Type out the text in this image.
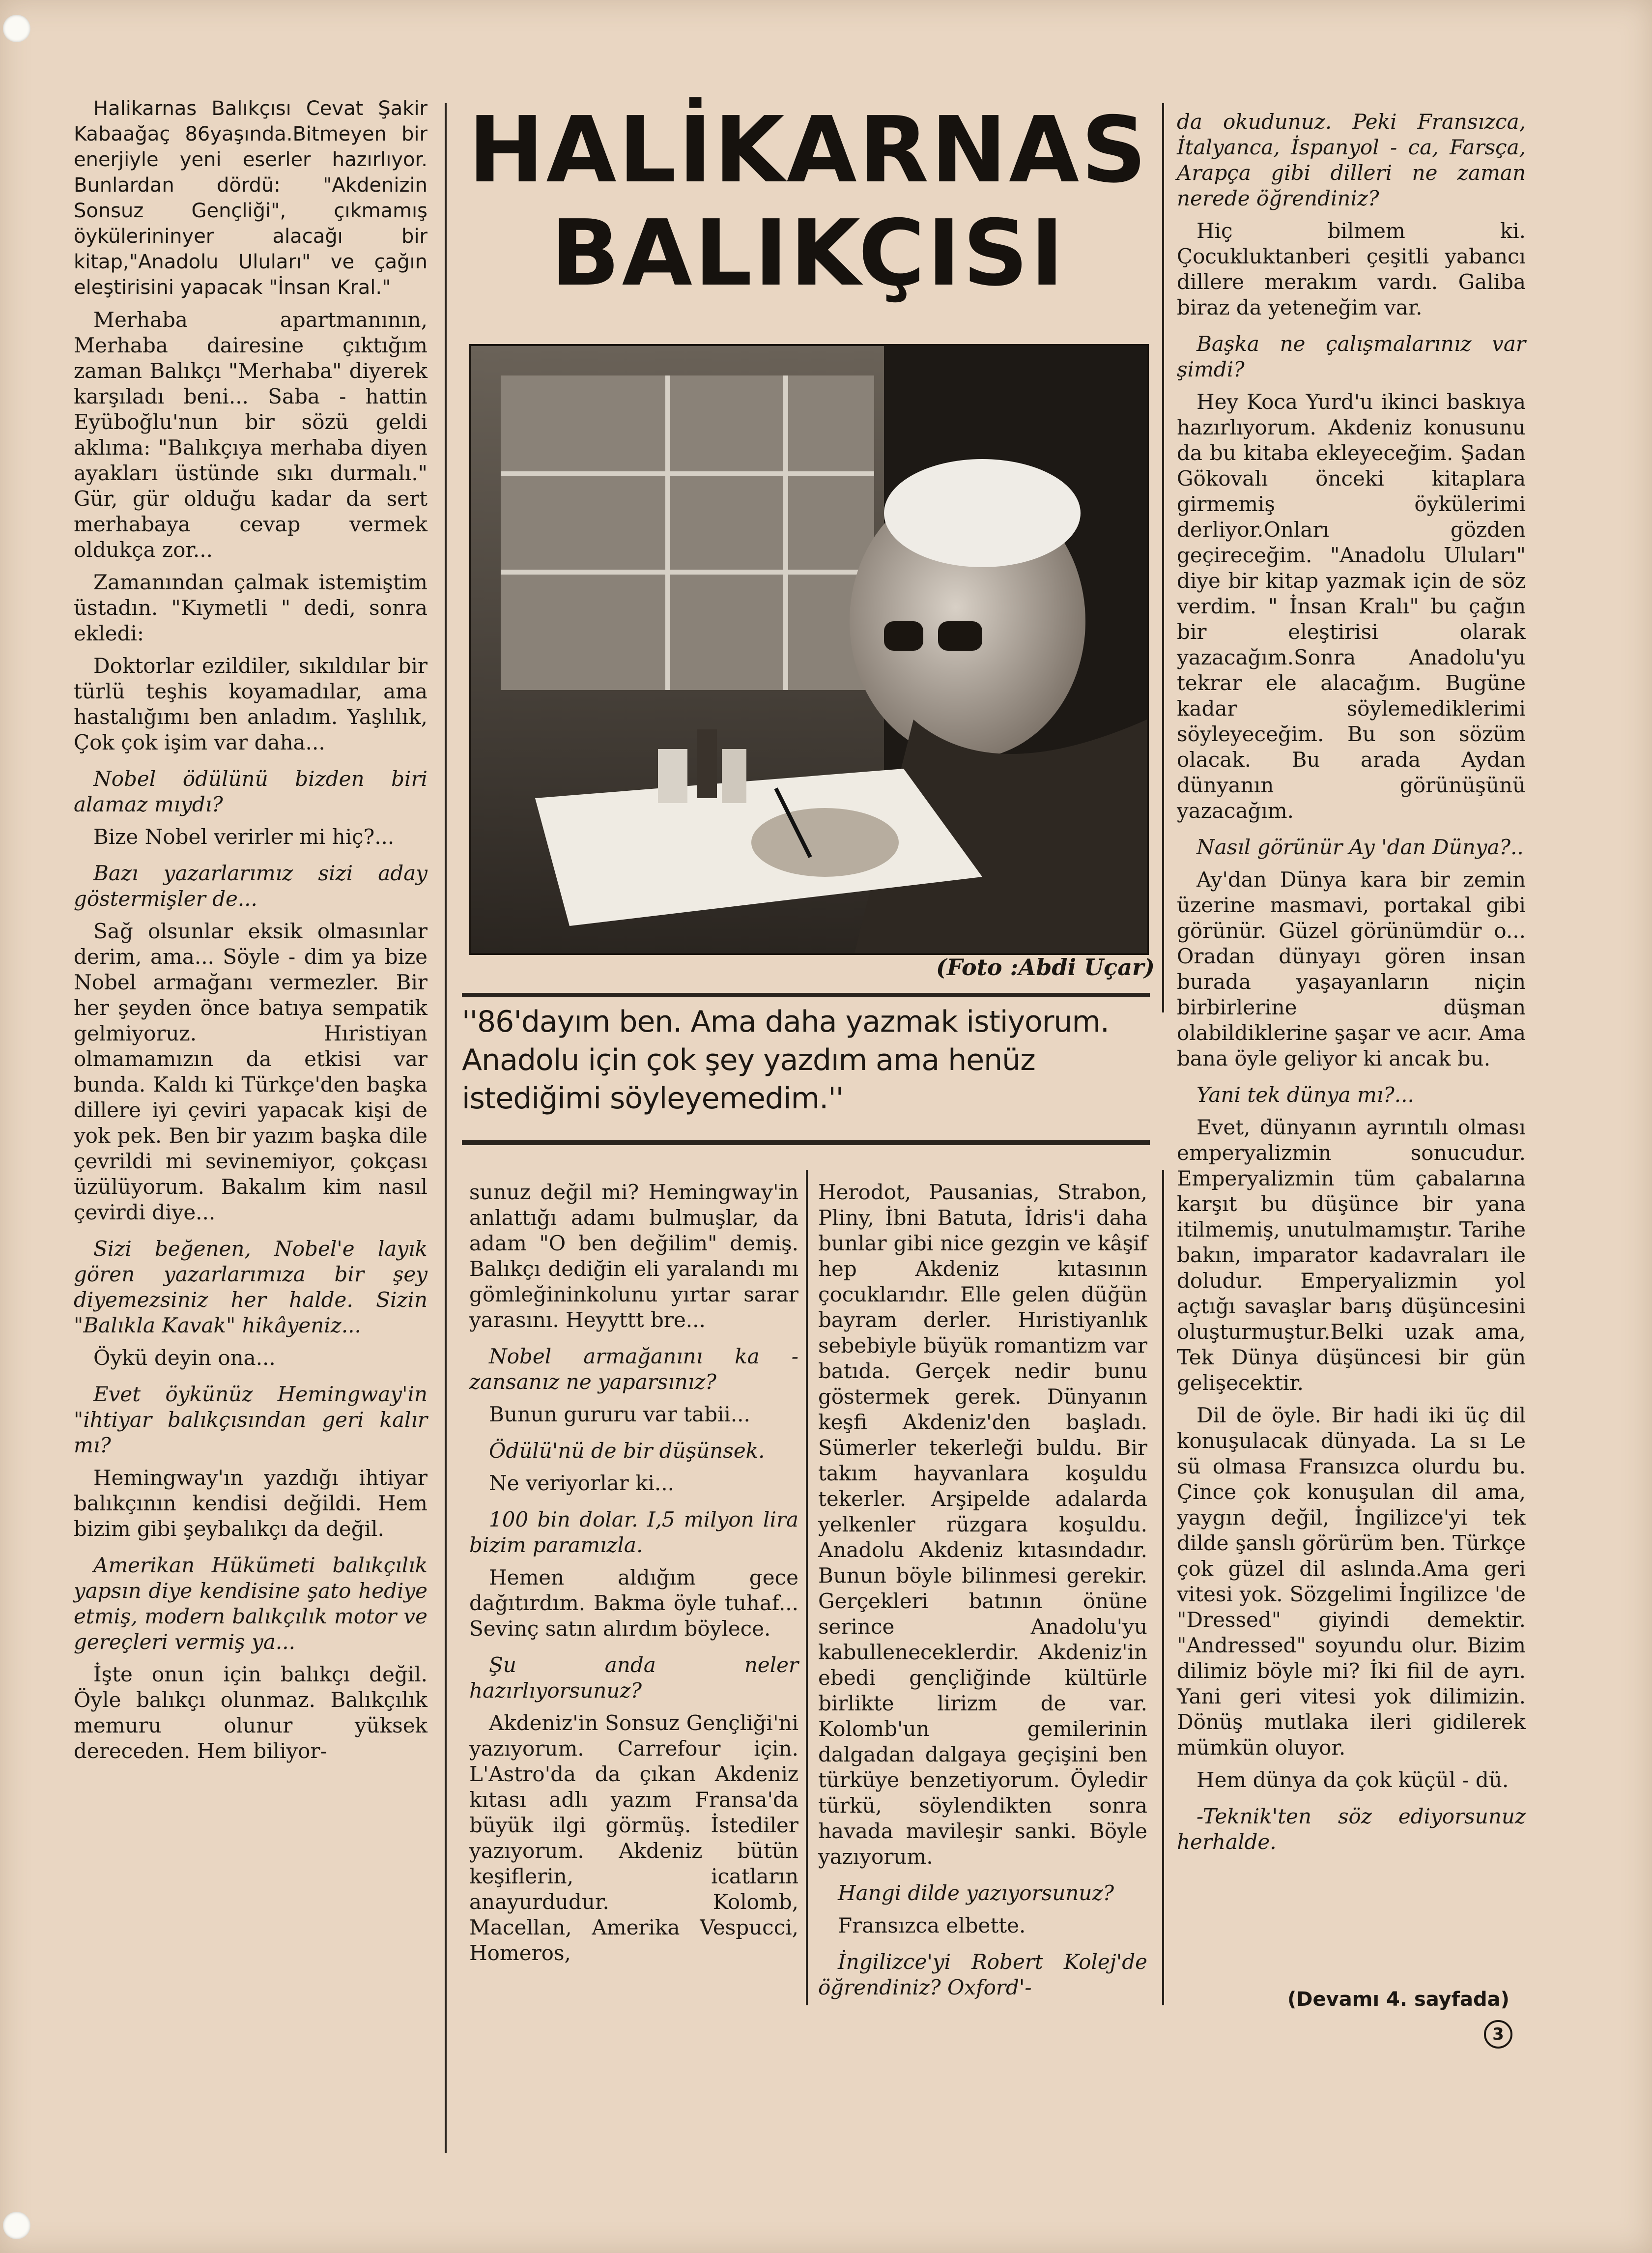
Halikarnas Balıkçısı Cevat Şakir Kabaağaç 86yaşında.Bitmeyen bir enerjiyle yeni eserler hazırlıyor. Bunlardan dördü: "Akdenizin Sonsuz Gençliği", çıkmamış öykülerininyer alacağı bir kitap,"Anadolu Uluları" ve çağın eleştirisini yapacak "İnsan Kral."

Merhaba apartmanının, Merhaba dairesine çıktığım zaman Balıkçı "Merhaba" diyerek karşıladı beni... Saba - hattin Eyüboğlu'nun bir sözü geldi aklıma: "Balıkçıya merhaba diyen ayakları üstünde sıkı durmalı." Gür, gür olduğu kadar da sert merhabaya cevap vermek oldukça zor...

Zamanından çalmak istemiştim üstadın. "Kıymetli " dedi, sonra ekledi:

Doktorlar ezildiler, sıkıldılar bir türlü teşhis koyamadılar, ama hastalığımı ben anladım. Yaşlılık, Çok çok işim var daha...

Nobel ödülünü bizden biri alamaz mıydı?

Bize Nobel verirler mi hiç?...

Bazı yazarlarımız sizi aday göstermişler de...

Sağ olsunlar eksik olmasınlar derim, ama... Söyle - dim ya bize Nobel armağanı vermezler. Bir her şeyden önce batıya sempatik gelmiyoruz. Hıristiyan olmamamızın da etkisi var bunda. Kaldı ki Türkçe'den başka dillere iyi çeviri yapacak kişi de yok pek. Ben bir yazım başka dile çevrildi mi sevinemiyor, çokçası üzülüyorum. Bakalım kim nasıl çevirdi diye...

Sizi beğenen, Nobel'e layık gören yazarlarımıza bir şey diyemezsiniz her halde. Sizin "Balıkla Kavak" hikâyeniz...

Öykü deyin ona...

Evet öykünüz Hemingway'in "ihtiyar balıkçısından geri kalır mı?

Hemingway'ın yazdığı ihtiyar balıkçının kendisi değildi. Hem bizim gibi şeybalıkçı da değil.

Amerikan Hükümeti balıkçılık yapsın diye kendisine şato hediye etmiş, modern balıkçılık motor ve gereçleri vermiş ya...

İşte onun için balıkçı değil. Öyle balıkçı olunmaz. Balıkçılık memuru olunur yüksek dereceden. Hem biliyor-

HALİKARNAS
BALIKÇISI
(Foto :Abdi Uçar)
''86'dayım ben. Ama daha yazmak istiyorum. Anadolu için çok şey yazdım ama henüz istediğimi söyleyemedim.''

sunuz değil mi? Hemingway'in anlattığı adamı bulmuşlar, da adam "O ben değilim" demiş. Balıkçı dediğin eli yaralandı mı gömleğininkolunu yırtar sarar yarasını. Heyyttt bre...

Nobel armağanını ka - zansanız ne yaparsınız?

Bunun gururu var tabii...

Ödülü'nü de bir düşünsek.

Ne veriyorlar ki...

100 bin dolar. I,5 milyon lira bizim paramızla.

Hemen aldığım gece dağıtırdım. Bakma öyle tuhaf... Sevinç satın alırdım böylece.

Şu anda neler hazırlıyorsunuz?

Akdeniz'in Sonsuz Gençliği'ni yazıyorum. Carrefour için. L'Astro'da da çıkan Akdeniz kıtası adlı yazım Fransa'da büyük ilgi görmüş. İstediler yazıyorum. Akdeniz bütün keşiflerin, icatların anayurdudur. Kolomb, Macellan, Amerika Vespucci, Homeros,

Herodot, Pausanias, Strabon, Pliny, İbni Batuta, İdris'i daha bunlar gibi nice gezgin ve kâşif hep Akdeniz kıtasının çocuklarıdır. Elle gelen düğün bayram derler. Hıristiyanlık sebebiyle büyük romantizm var batıda. Gerçek nedir bunu göstermek gerek. Dünyanın keşfi Akdeniz'den başladı. Sümerler tekerleği buldu. Bir takım hayvanlara koşuldu tekerler. Arşipelde adalarda yelkenler rüzgara koşuldu. Anadolu Akdeniz kıtasındadır. Bunun böyle bilinmesi gerekir. Gerçekleri batının önüne serince Anadolu'yu kabulleneceklerdir. Akdeniz'in ebedi gençliğinde kültürle birlikte lirizm de var. Kolomb'un gemilerinin dalgadan dalgaya geçişini ben türküye benzetiyorum. Öyledir türkü, söylendikten sonra havada mavileşir sanki. Böyle yazıyorum.

Hangi dilde yazıyorsunuz?

Fransızca elbette.

İngilizce'yi Robert Kolej'de öğrendiniz? Oxford'-

da okudunuz. Peki Fransızca, İtalyanca, İspanyol - ca, Farsça, Arapça gibi dilleri ne zaman nerede öğrendiniz?

Hiç bilmem ki. Çocukluktanberi çeşitli yabancı dillere merakım vardı. Galiba biraz da yeteneğim var.

Başka ne çalışmalarınız var şimdi?

Hey Koca Yurd'u ikinci baskıya hazırlıyorum. Akdeniz konusunu da bu kitaba ekleyeceğim. Şadan Gökovalı önceki kitaplara girmemiş öykülerimi derliyor.Onları gözden geçireceğim. "Anadolu Uluları" diye bir kitap yazmak için de söz verdim. " İnsan Kralı" bu çağın bir eleştirisi olarak yazacağım.Sonra Anadolu'yu tekrar ele alacağım. Bugüne kadar söylemediklerimi söyleyeceğim. Bu son sözüm olacak. Bu arada Aydan dünyanın görünüşünü yazacağım.

Nasıl görünür Ay 'dan Dünya?..

Ay'dan Dünya kara bir zemin üzerine masmavi, portakal gibi görünür. Güzel görünümdür o... Oradan dünyayı gören insan burada yaşayanların niçin birbirlerine düşman olabildiklerine şaşar ve acır. Ama bana öyle geliyor ki ancak bu.

Yani tek dünya mı?...

Evet, dünyanın ayrıntılı olması emperyalizmin sonucudur. Emperyalizmin tüm çabalarına karşıt bu düşünce bir yana itilmemiş, unutulmamıştır. Tarihe bakın, imparator kadavraları ile doludur. Emperyalizmin yol açtığı savaşlar barış düşüncesini oluşturmuştur.Belki uzak ama, Tek Dünya düşüncesi bir gün gelişecektir.

Dil de öyle. Bir hadi iki üç dil konuşulacak dünyada. La sı Le sü olmasa Fransızca olurdu bu. Çince çok konuşulan dil ama, yaygın değil, İngilizce'yi tek dilde şanslı görürüm ben. Türkçe çok güzel dil aslında.Ama geri vitesi yok. Sözgelimi İngilizce 'de "Dressed" giyindi demektir. "Andressed" soyundu olur. Bizim dilimiz böyle mi? İki fiil de ayrı. Yani geri vitesi yok dilimizin. Dönüş mutlaka ileri gidilerek mümkün oluyor.

Hem dünya da çok küçül - dü.

-Teknik'ten söz ediyorsunuz herhalde.

(Devamı 4. sayfada)
3
